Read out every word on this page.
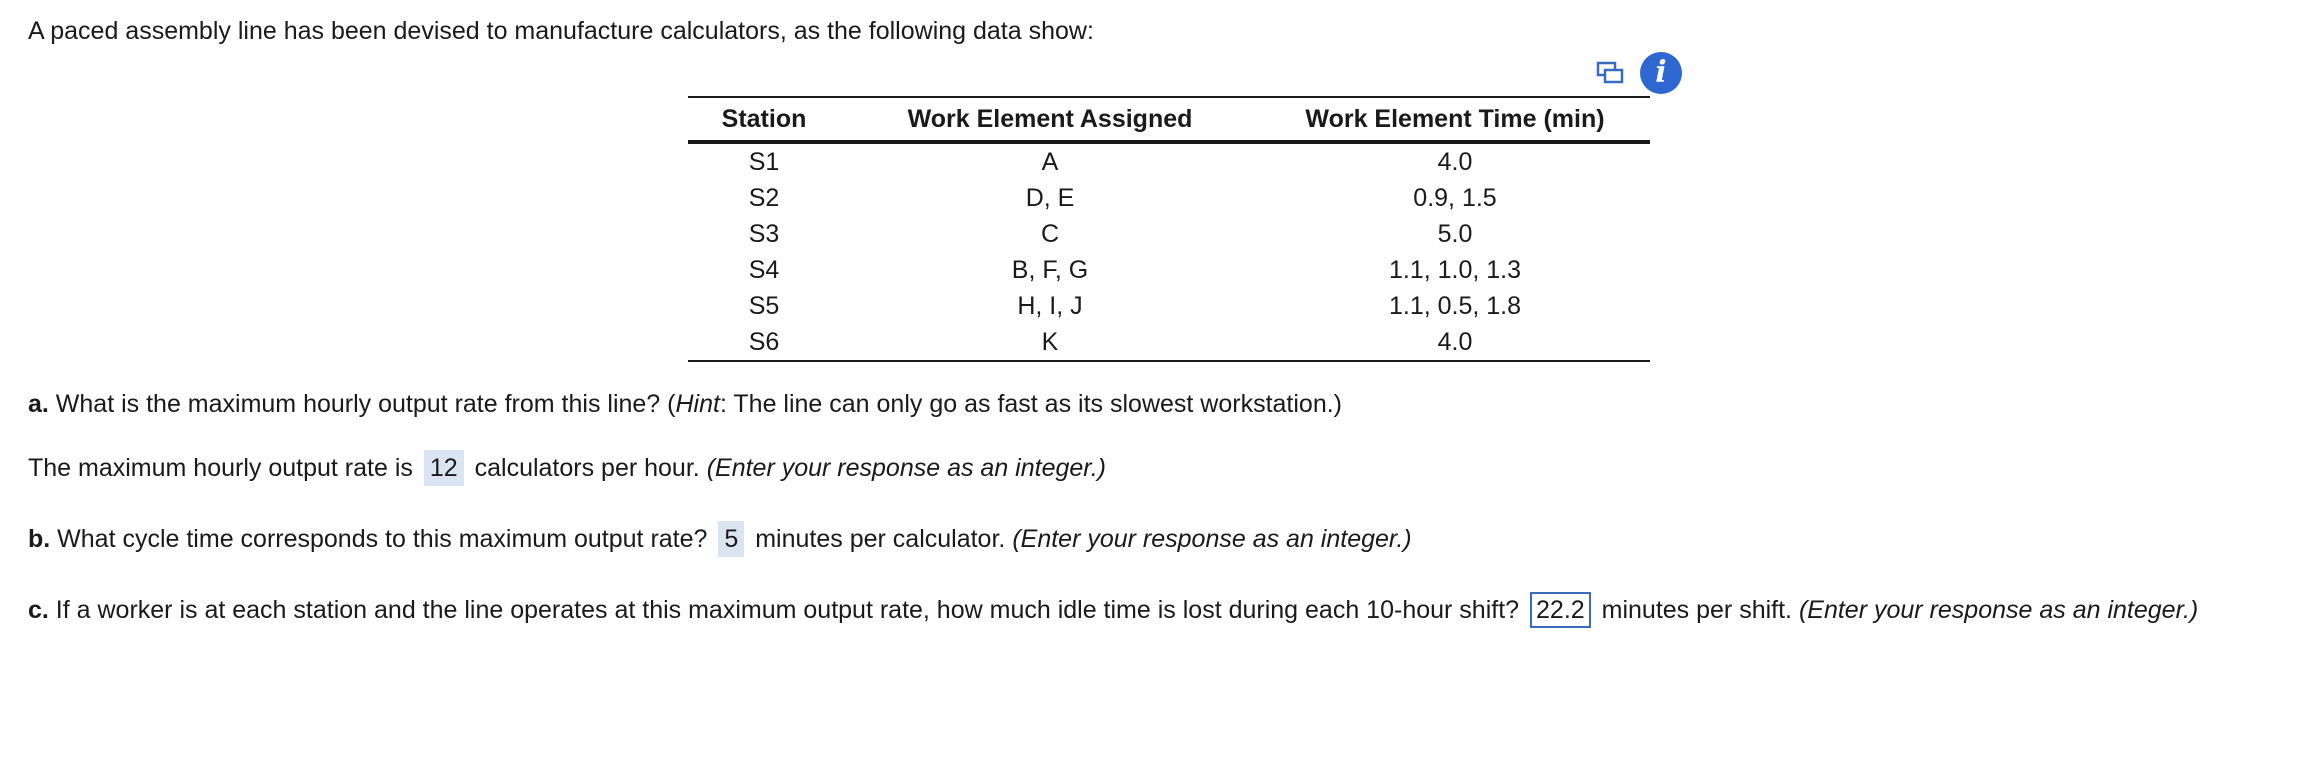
A paced assembly line has been devised to manufacture calculators, as the following data show:
i
Station	Work Element Assigned	Work Element Time (min)
S1	A	4.0
S2	D, E	0.9, 1.5
S3	C	5.0
S4	B, F, G	1.1, 1.0, 1.3
S5	H, I, J	1.1, 0.5, 1.8
S6	K	4.0
a. What is the maximum hourly output rate from this line? (Hint: The line can only go as fast as its slowest workstation.)
The maximum hourly output rate is 12 calculators per hour. (Enter your response as an integer.)
b. What cycle time corresponds to this maximum output rate? 5 minutes per calculator. (Enter your response as an integer.)
c. If a worker is at each station and the line operates at this maximum output rate, how much idle time is lost during each 10-hour shift? 22.2 minutes per shift. (Enter your response as an integer.)
